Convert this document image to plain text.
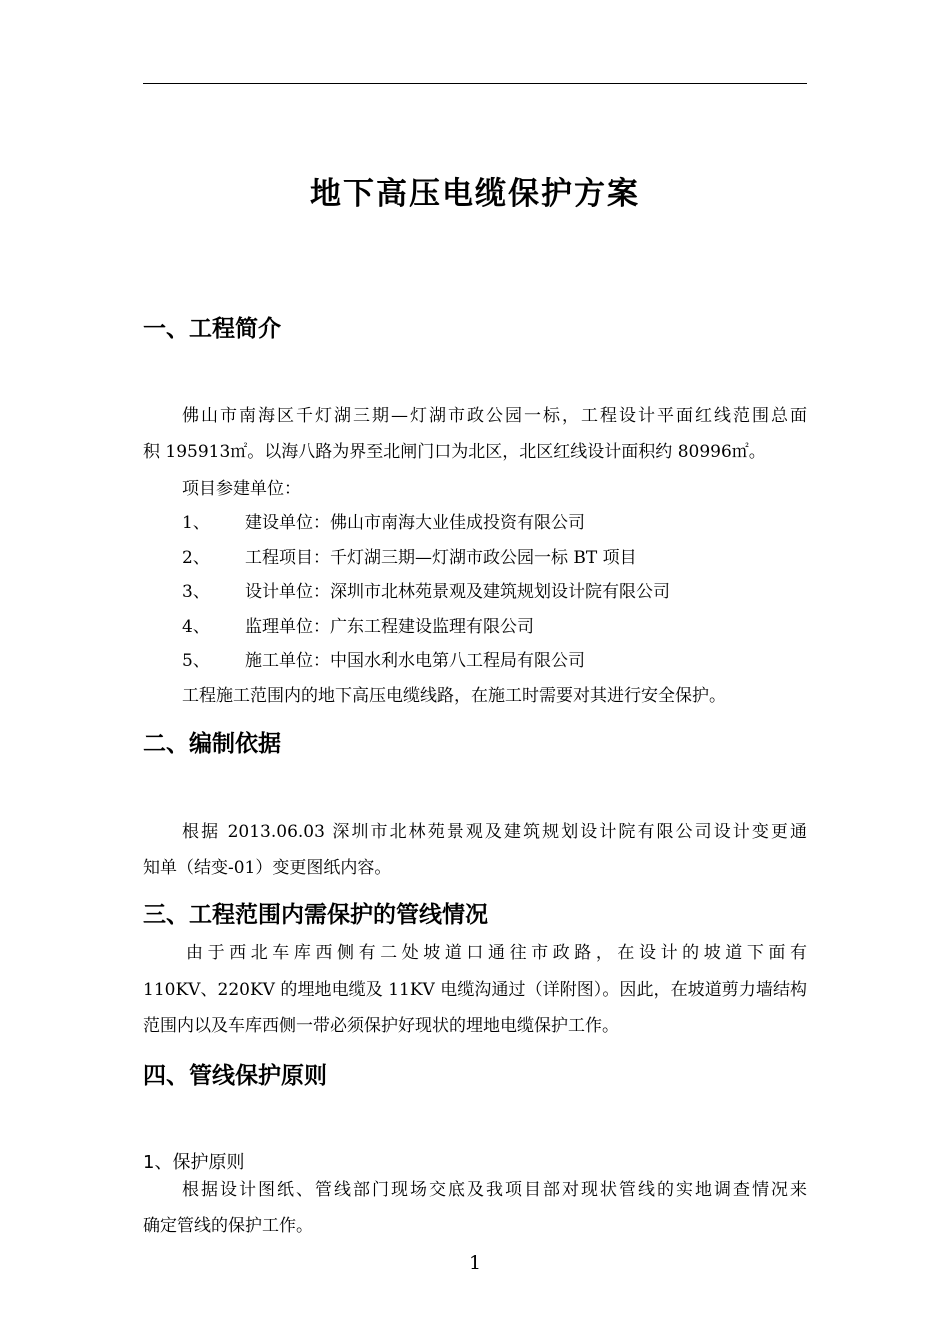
地下高压电缆保护方案
一、工程简介
佛山市南海区千灯湖三期—灯湖市政公园一标，工程设计平面红线范围总面
积 195913㎡。以海八路为界至北闸门口为北区，北区红线设计面积约 80996㎡。
项目参建单位：
1、 建设单位：佛山市南海大业佳成投资有限公司
2、 工程项目：千灯湖三期—灯湖市政公园一标 BT 项目
3、 设计单位：深圳市北林苑景观及建筑规划设计院有限公司
4、 监理单位：广东工程建设监理有限公司
5、 施工单位：中国水利水电第八工程局有限公司
工程施工范围内的地下高压电缆线路，在施工时需要对其进行安全保护。
二、编制依据
根据 2013.06.03 深圳市北林苑景观及建筑规划设计院有限公司设计变更通
知单（结变-01）变更图纸内容。
三、工程范围内需保护的管线情况
由于西北车库西侧有二处坡道口通往市政路，在设计的坡道下面有
110KV、220KV 的埋地电缆及 11KV 电缆沟通过（详附图）。因此，在坡道剪力墙结构
范围内以及车库西侧一带必须保护好现状的埋地电缆保护工作。
四、管线保护原则
1、保护原则
根据设计图纸、管线部门现场交底及我项目部对现状管线的实地调查情况来
确定管线的保护工作。
1
